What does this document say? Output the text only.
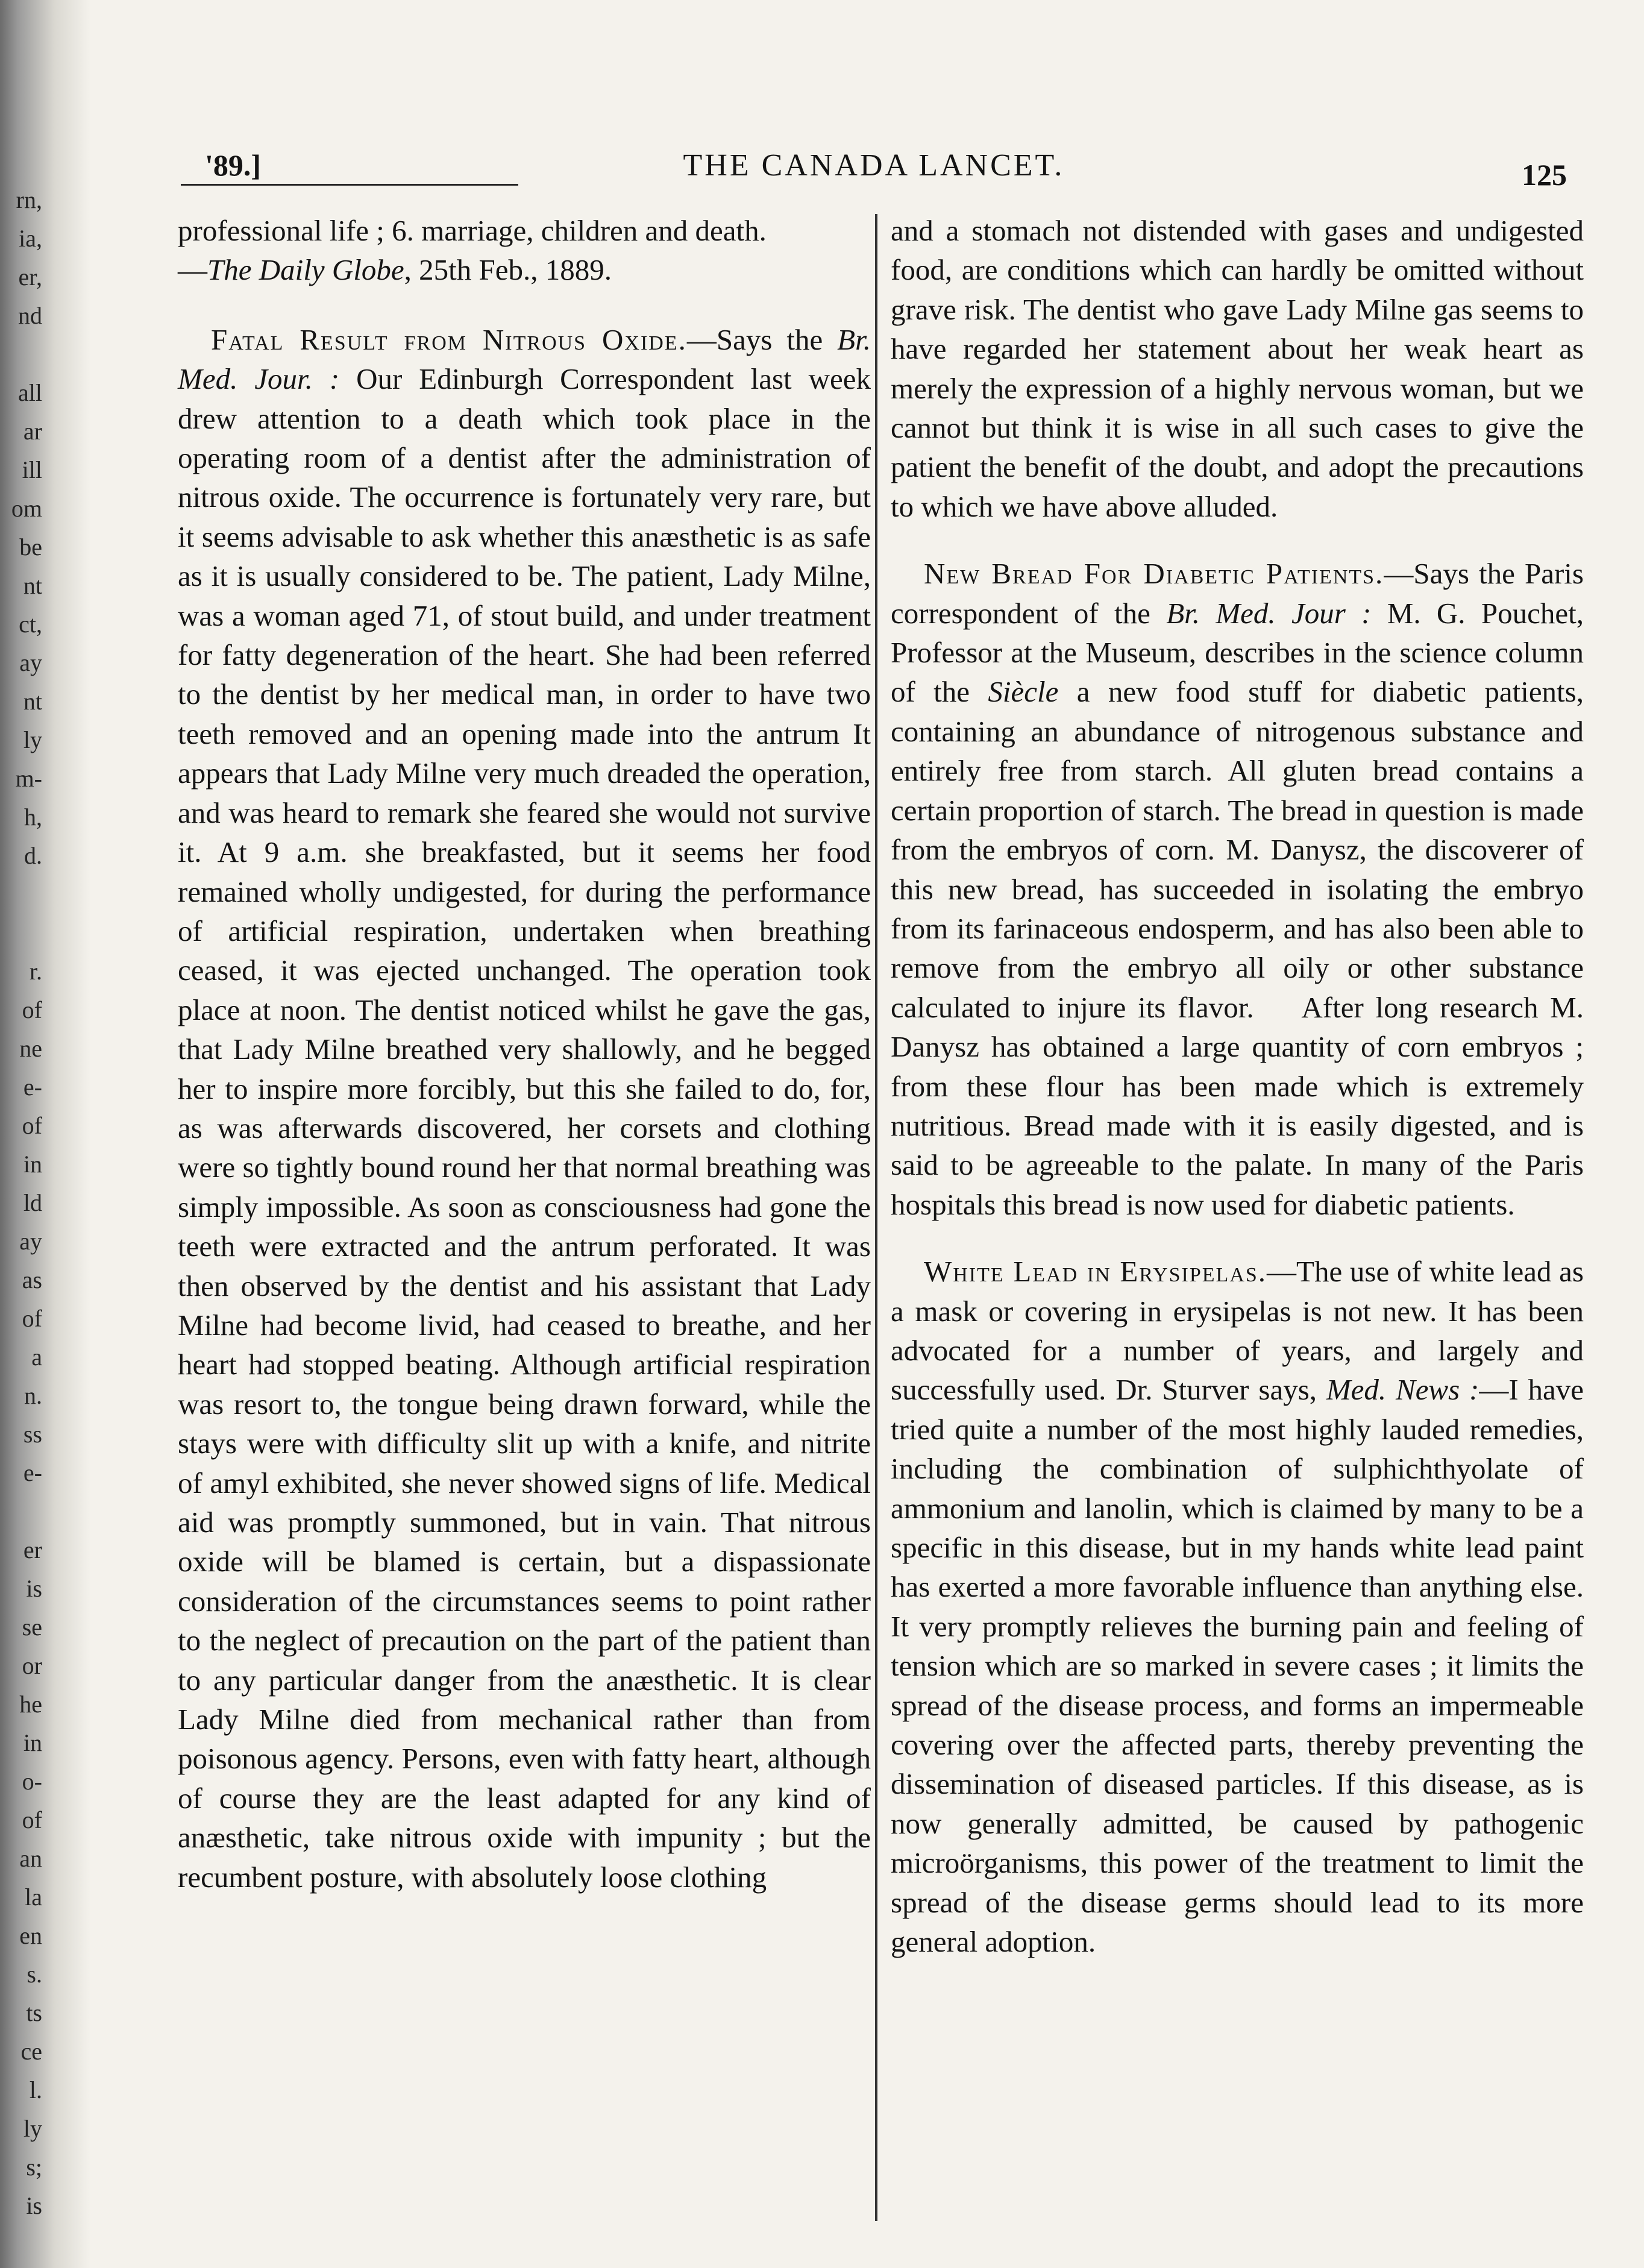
rn,
ia,
er,
nd
all
ar
ill
om
be
nt
ct,
ay
nt
ly
m-
h,
d.
r.
of
ne
e-
of
in
ld
ay
as
of
a
n.
ss
e-
er
is
se
or
he
in
o-
of
an
la
en
s.
ts
ce
l.
ly
s;
is
'89.]	THE CANADA LANCET.	125

professional life ; 6. marriage, children and death.
—The Daily Globe, 25th Feb., 1889.

Fatal Result from Nitrous Oxide.—Says the Br. Med. Jour. : Our Edinburgh Correspondent last week drew attention to a death which took place in the operating room of a dentist after the administration of nitrous oxide. The occurrence is fortunately very rare, but it seems advisable to ask whether this anæsthetic is as safe as it is usually considered to be. The patient, Lady Milne, was a woman aged 71, of stout build, and under treatment for fatty degeneration of the heart. She had been referred to the dentist by her medical man, in order to have two teeth removed and an opening made into the antrum It appears that Lady Milne very much dreaded the operation, and was heard to remark she feared she would not survive it. At 9 a.m. she breakfasted, but it seems her food remained wholly undigested, for during the performance of artificial respiration, undertaken when breathing ceased, it was ejected unchanged. The operation took place at noon. The dentist noticed whilst he gave the gas, that Lady Milne breathed very shallowly, and he begged her to inspire more forcibly, but this she failed to do, for, as was afterwards discovered, her corsets and clothing were so tightly bound round her that normal breathing was simply impossible. As soon as consciousness had gone the teeth were extracted and the antrum perforated. It was then observed by the dentist and his assistant that Lady Milne had become livid, had ceased to breathe, and her heart had stopped beating. Although artificial respiration was resort to, the tongue being drawn forward, while the stays were with difficulty slit up with a knife, and nitrite of amyl exhibited, she never showed signs of life. Medical aid was promptly summoned, but in vain. That nitrous oxide will be blamed is certain, but a dispassionate consideration of the circumstances seems to point rather to the neglect of precaution on the part of the patient than to any particular danger from the anæsthetic. It is clear Lady Milne died from mechanical rather than from poisonous agency. Persons, even with fatty heart, although of course they are the least adapted for any kind of anæsthetic, take nitrous oxide with impunity ; but the recumbent posture, with absolutely loose clothing

and a stomach not distended with gases and undigested food, are conditions which can hardly be omitted without grave risk. The dentist who gave Lady Milne gas seems to have regarded her statement about her weak heart as merely the expression of a highly nervous woman, but we cannot but think it is wise in all such cases to give the patient the benefit of the doubt, and adopt the precautions to which we have above alluded.

New Bread For Diabetic Patients.—Says the Paris correspondent of the Br. Med. Jour : M. G. Pouchet, Professor at the Museum, describes in the science column of the Siècle a new food stuff for diabetic patients, containing an abundance of nitrogenous substance and entirely free from starch. All gluten bread contains a certain proportion of starch. The bread in question is made from the embryos of corn. M. Danysz, the discoverer of this new bread, has succeeded in isolating the embryo from its farinaceous endosperm, and has also been able to remove from the embryo all oily or other substance calculated to injure its flavor. After long research M. Danysz has obtained a large quantity of corn embryos ; from these flour has been made which is extremely nutritious. Bread made with it is easily digested, and is said to be agreeable to the palate. In many of the Paris hospitals this bread is now used for diabetic patients.

White Lead in Erysipelas.—The use of white lead as a mask or covering in erysipelas is not new. It has been advocated for a number of years, and largely and successfully used. Dr. Sturver says, Med. News :—I have tried quite a number of the most highly lauded remedies, including the combination of sulphichthyolate of ammonium and lanolin, which is claimed by many to be a specific in this disease, but in my hands white lead paint has exerted a more favorable influence than anything else. It very promptly relieves the burning pain and feeling of tension which are so marked in severe cases ; it limits the spread of the disease process, and forms an impermeable covering over the affected parts, thereby preventing the dissemination of diseased particles. If this disease, as is now generally admitted, be caused by pathogenic microörganisms, this power of the treatment to limit the spread of the disease germs should lead to its more general adoption.
